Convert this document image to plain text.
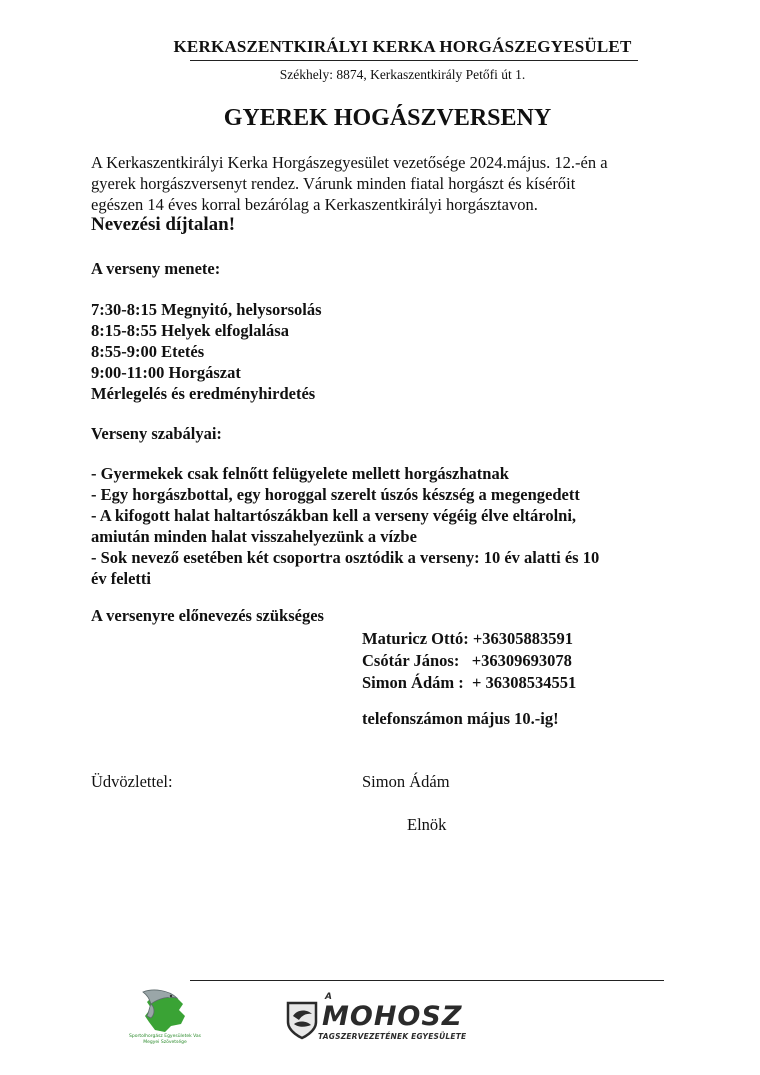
KERKASZENTKIRÁLYI KERKA HORGÁSZEGYESÜLET
Székhely: 8874, Kerkaszentkirály Petőfi út 1.
GYEREK HOGÁSZVERSENY
A Kerkaszentkirályi Kerka Horgászegyesület vezetősége 2024.május. 12.-én a
gyerek horgászversenyt rendez. Várunk minden fiatal horgászt és kísérőit
egészen 14 éves korral bezárólag a Kerkaszentkirályi horgásztavon.
Nevezési díjtalan!
A verseny menete:
7:30-8:15 Megnyitó, helysorsolás
8:15-8:55 Helyek elfoglalása
8:55-9:00 Etetés
9:00-11:00 Horgászat
Mérlegelés és eredményhirdetés
Verseny szabályai:
- Gyermekek csak felnőtt felügyelete mellett horgászhatnak
- Egy horgászbottal, egy horoggal szerelt úszós készség a megengedett
- A kifogott halat haltartószákban kell a verseny végéig élve eltárolni,
amiután minden halat visszahelyezünk a vízbe
- Sok nevező esetében két csoportra osztódik a verseny: 10 év alatti és 10
év feletti
A versenyre előnevezés szükséges
Maturicz Ottó: +36305883591
Csótár János:   +36309693078
Simon Ádám :  + 36308534551
telefonszámon május 10.-ig!
Üdvözlettel:	Simon Ádám
Elnök
Sportolhorgász Egyesületek Vas Megyei Szövetsége
A
MOHOSZ
TAGSZERVEZETÉNEK EGYESÜLETE
